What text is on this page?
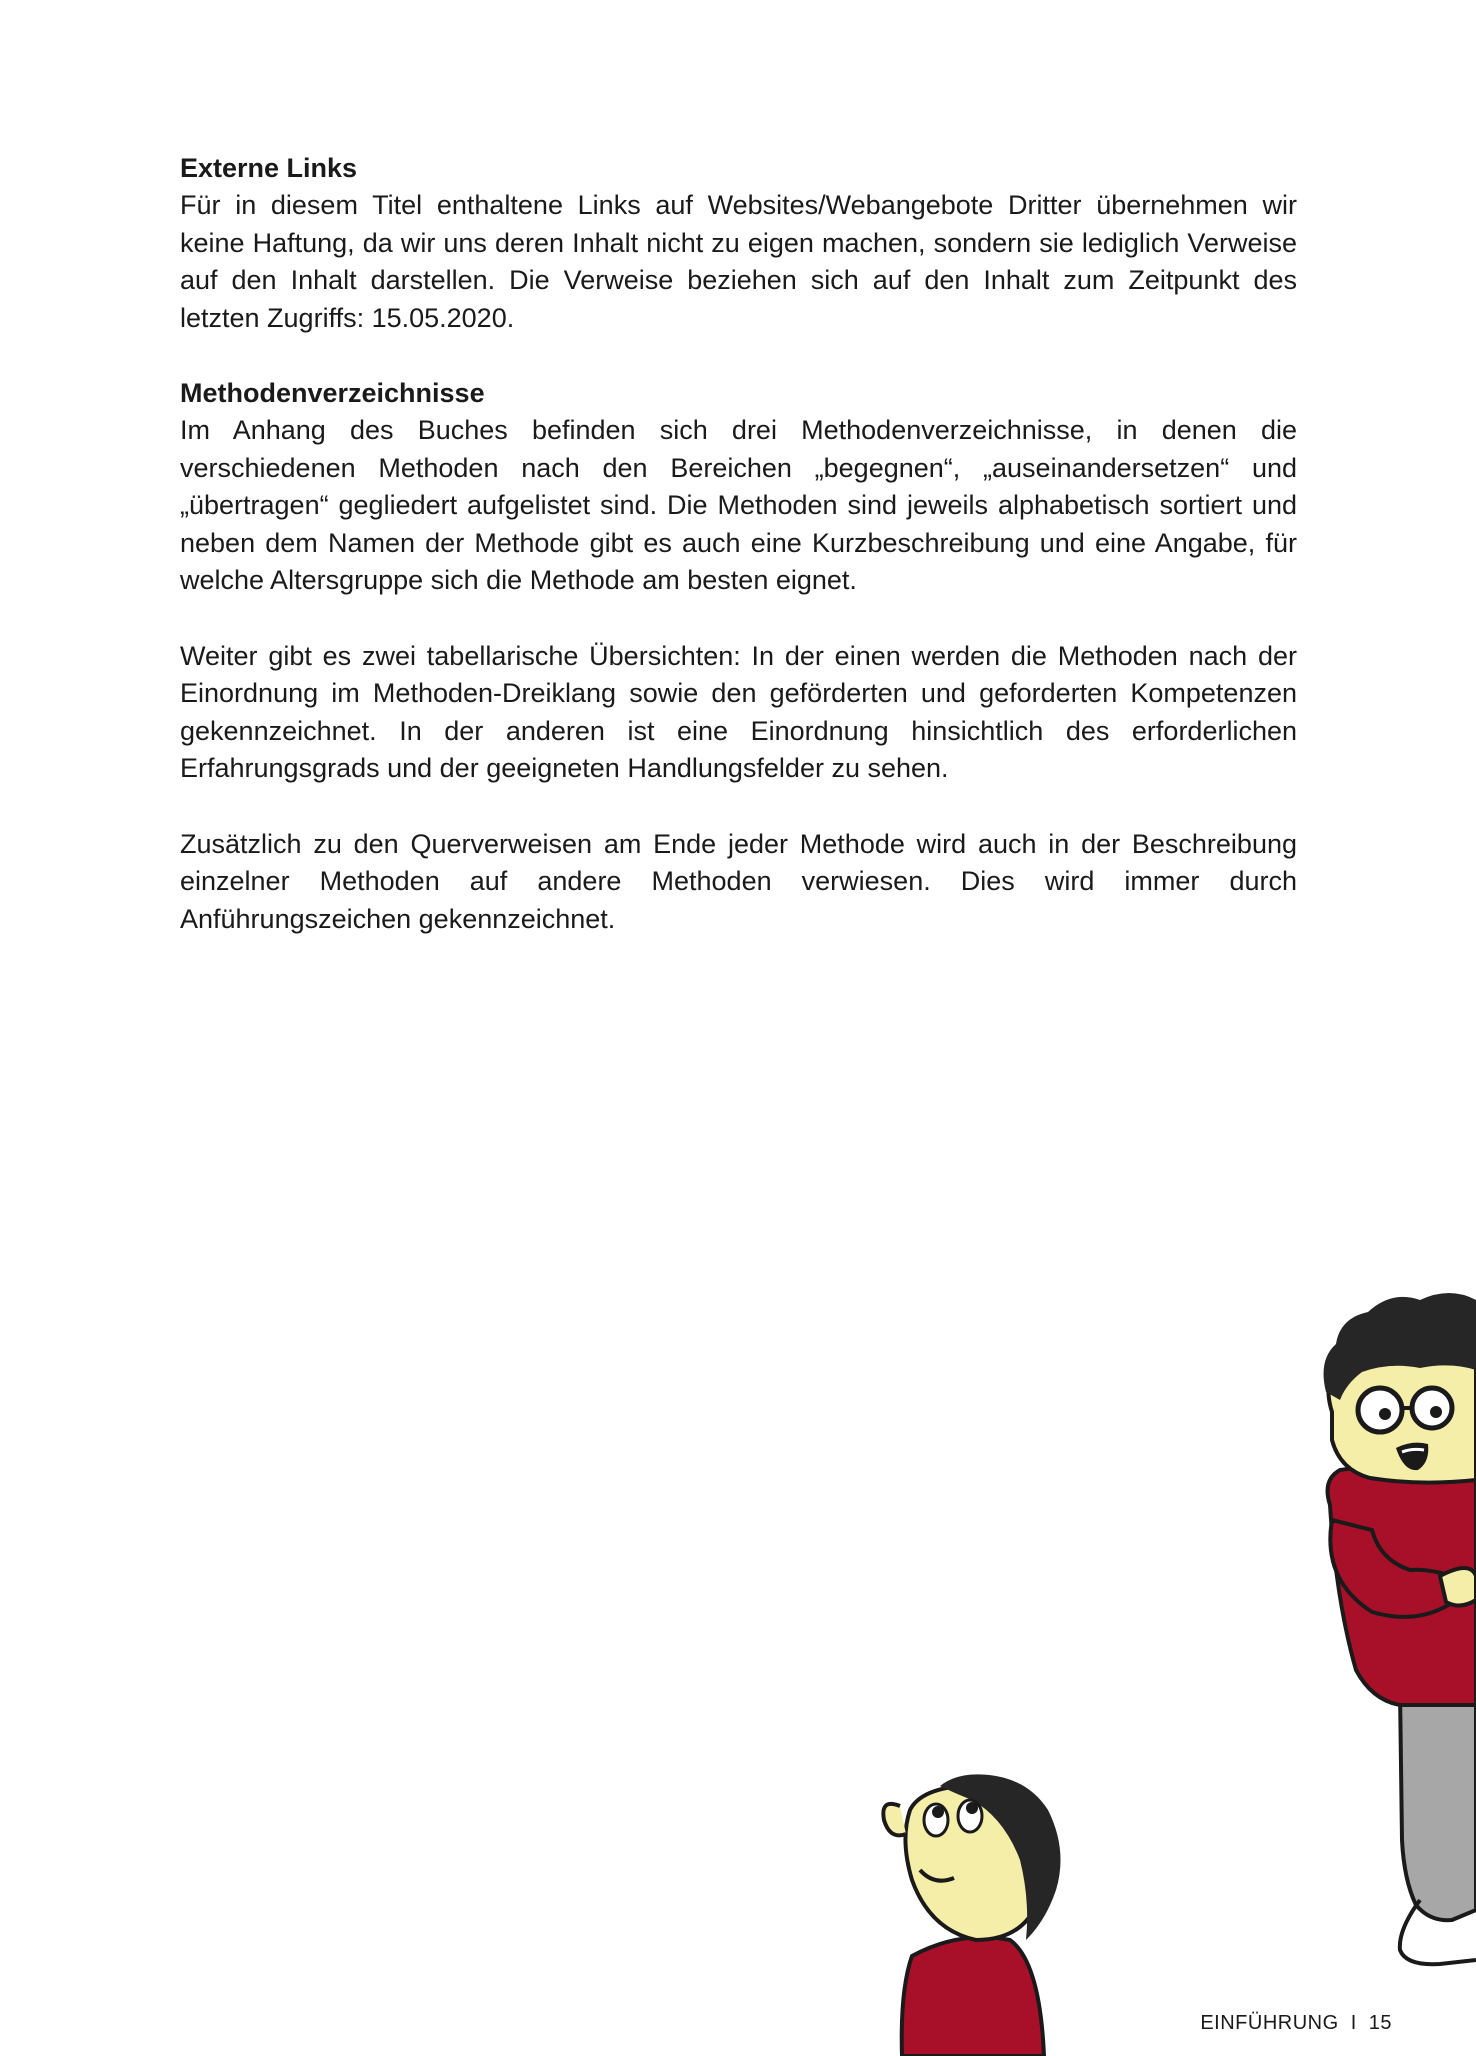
Externe Links

Für in diesem Titel enthaltene Links auf Websites/Webangebote Dritter übernehmen wir keine Haftung, da wir uns deren Inhalt nicht zu eigen machen, sondern sie lediglich Verweise auf den Inhalt darstellen. Die Verweise beziehen sich auf den Inhalt zum Zeitpunkt des letzten Zugriffs: 15.05.2020.

Methodenverzeichnisse

Im Anhang des Buches befinden sich drei Methodenverzeichnisse, in denen die verschiedenen Methoden nach den Bereichen „begegnen“, „auseinandersetzen“ und „übertragen“ gegliedert aufgelistet sind. Die Methoden sind jeweils alphabetisch sortiert und neben dem Namen der Methode gibt es auch eine Kurzbeschreibung und eine Angabe, für welche Altersgruppe sich die Methode am besten eignet.

Weiter gibt es zwei tabellarische Übersichten: In der einen werden die Methoden nach der Einordnung im Methoden-Dreiklang sowie den geförderten und geforderten Kompetenzen gekennzeichnet. In der anderen ist eine Einordnung hinsichtlich des erforderlichen Erfahrungsgrads und der geeigneten Handlungsfelder zu sehen.

Zusätzlich zu den Querverweisen am Ende jeder Methode wird auch in der Beschreibung einzelner Methoden auf andere Methoden verwiesen. Dies wird immer durch Anführungszeichen gekennzeichnet.

EINFÜHRUNG I 15
